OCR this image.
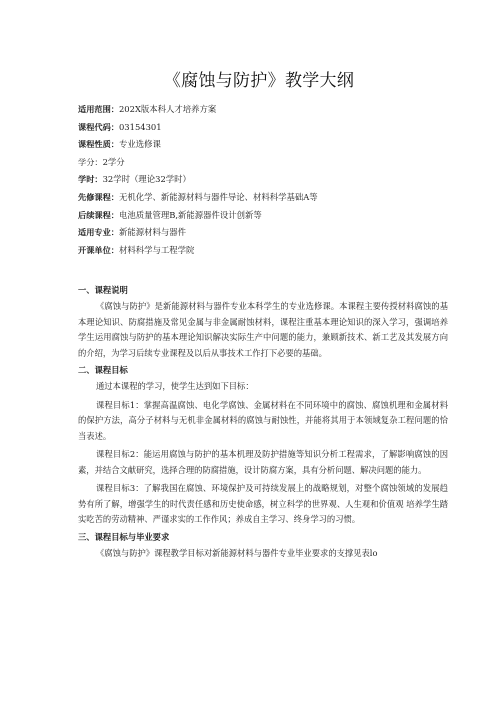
《腐蚀与防护》教学大纲
适用范围：202X版本科人才培养方案
课程代码：03154301
课程性质：专业选修课
学分：2学分
学时：32学时（理论32学时）
先修课程：无机化学、新能源材料与器件导论、材料科学基础A等
后续课程：电池质量管理B,新能源器件设计创新等
适用专业：新能源材料与器件
开课单位：材料科学与工程学院
一、课程说明

《腐蚀与防护》是新能源材料与器件专业本科学生的专业选修课。本课程主要传授材料腐蚀的基本理论知识、防腐措施及常见金属与非金属耐蚀材料，课程注重基本理论知识的深入学习，强调培养学生运用腐蚀与防护的基本理论知识解决实际生产中问题的能力，兼顾新技术、新工艺及其发展方向的介绍，为学习后续专业课程及以后从事技术工作打下必要的基础。

二、课程目标

通过本课程的学习，使学生达到如下目标：

课程目标1：掌握高温腐蚀、电化学腐蚀、金属材料在不同环境中的腐蚀、腐蚀机理和金属材料的保护方法，高分子材料与无机非金属材料的腐蚀与耐蚀性，并能将其用于本领域复杂工程问题的恰当表述。

课程目标2：能运用腐蚀与防护的基本机理及防护措施等知识分析工程需求，了解影响腐蚀的因素，并结合文献研究，选择合理的防腐措施，设计防腐方案，具有分析问题、解决问题的能力。

课程目标3：了解我国在腐蚀、环境保护及可持续发展上的战略规划，对整个腐蚀领域的发展趋势有所了解，增强学生的时代责任感和历史使命感，树立科学的世界观、人生观和价值观 培养学生踏实吃苦的劳动精神、严谨求实的工作作风；养成自主学习、终身学习的习惯。

三、课程目标与毕业要求

《腐蚀与防护》课程教学目标对新能源材料与器件专业毕业要求的支撑见表lo
